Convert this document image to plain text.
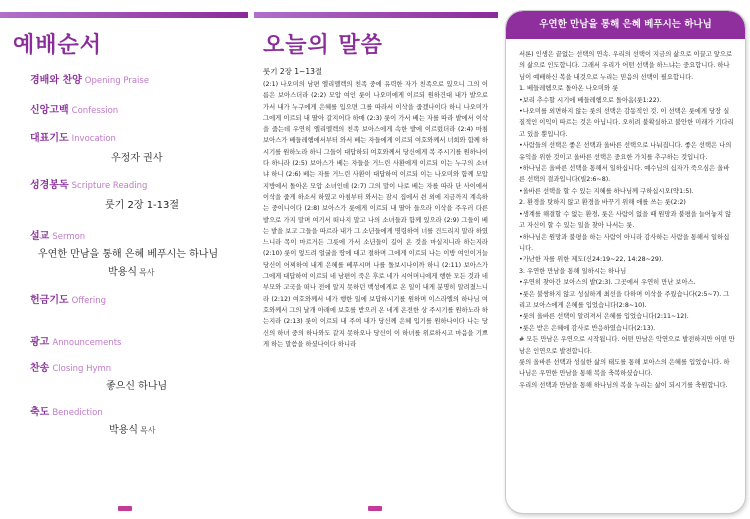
예배순서
경배와 찬양 Opening Praise
신앙고백 Confession
대표기도 Invocation
우정자 권사
성경봉독 Scripture Reading
룻기 2장 1-13절
설교 Sermon
우연한 만남을 통해 은혜 베푸시는 하나님
박용식 목사
헌금기도 Offering
광고 Announcements
찬송 Closing Hymn
좋으신 하나님
축도 Benediction
박용식 목사
오늘의 말씀
룻기 2장 1~13절
(2:1) 나오미의 남편 엘리멜렉의 친족 중에 유력한 자가 친족으로 있으니 그의 이름은 보아스더라 (2:2) 모압 여인 룻이 나오미에게 이르되 원하건대 내가 밭으로 가서 내가 누구에게 은혜를 입으면 그를 따라서 이삭을 줍겠나이다 하니 나오미가 그에게 이르되 내 딸아 갈지어다 하매 (2:3) 룻이 가서 베는 자를 따라 밭에서 이삭을 줍는데 우연히 엘리멜렉의 친족 보아스에게 속한 밭에 이르렀더라 (2:4) 마침 보아스가 베들레헴에서부터 와서 베는 자들에게 이르되 여호와께서 너희와 함께 하시기를 원하노라 하니 그들이 대답하되 여호와께서 당신에게 복 주시기를 원하나이다 하니라 (2:5) 보아스가 베는 자들을 거느린 사환에게 이르되 이는 누구의 소녀냐 하니 (2:6) 베는 자를 거느린 사환이 대답하여 이르되 이는 나오미와 함께 모압 지방에서 돌아온 모압 소녀인데 (2:7) 그의 말이 나로 베는 자를 따라 단 사이에서 이삭을 줍게 하소서 하였고 아침부터 와서는 잠시 집에서 쉰 외에 지금까지 계속하는 중이니이다 (2:8) 보아스가 룻에게 이르되 내 딸아 들으라 이삭을 주우러 다른 밭으로 가지 말며 여기서 떠나지 말고 나의 소녀들과 함께 있으라 (2:9) 그들이 베는 밭을 보고 그들을 따르라 내가 그 소년들에게 명령하여 너를 건드리지 말라 하였느니라 목이 마르거든 그릇에 가서 소년들이 길어 온 것을 마실지니라 하는지라 (2:10) 룻이 엎드려 얼굴을 땅에 대고 절하며 그에게 이르되 나는 이방 여인이거늘 당신이 어찌하여 내게 은혜를 베푸시며 나를 돌보시나이까 하니 (2:11) 보아스가 그에게 대답하여 이르되 네 남편이 죽은 후로 네가 시어머니에게 행한 모든 것과 네 부모와 고국을 떠나 전에 알지 못하던 백성에게로 온 일이 내게 분명히 알려졌느니라 (2:12) 여호와께서 네가 행한 일에 보답하시기를 원하며 이스라엘의 하나님 여호와께서 그의 날개 아래에 보호를 받으러 온 네게 온전한 상 주시기를 원하노라 하는지라 (2:13) 룻이 이르되 내 주여 내가 당신께 은혜 입기를 원하나이다 나는 당신의 하녀 중의 하나와도 같지 못하오나 당신이 이 하녀를 위로하시고 마음을 기쁘게 하는 말씀을 하셨나이다 하니라
우연한 만남을 통해 은혜 베푸시는 하나님

서론) 인생은 끝없는 선택의 연속. 우리의 선택이 지금의 삶으로 이끌고 앞으로의 삶으로 인도합니다. 그래서 우리가 어떤 선택을 하느냐는 중요합니다. 하나님이 예배하신 복을 내것으로 누리는 믿음의 선택이 필요합니다.

1. 베들레헴으로 돌아온 나오미와 룻

•보리 추수할 시기에 베들레헴으로 돌아옴(룻1:22).

•나오미를 외면하지 않는 룻의 선택은 감동적인 것. 이 선택은 룻에게 당장 실질적인 이익이 따르는 것은 아닙니다. 오히려 불확실하고 불안한 미래가 기다리고 있을 뿐입니다.

•사람들의 선택은 좋은 선택과 올바른 선택으로 나눠집니다. 좋은 선택은 나의 유익을 위한 것이고 올바른 선택은 중요한 가치를 추구하는 것입니다.

•하나님은 올바른 선택을 통해서 일하십니다. 예수님의 십자가 죽으심은 올바른 선택의 결과입니다(빌2:6~8).

•올바른 선택을 할 수 있는 지혜를 하나님께 구하십시오(약1:5).

2. 환경을 탓하지 않고 환경을 바꾸기 위해 애를 쓰는 룻(2:2)

•생계를 해결할 수 없는 환경, 룻은 사람이 없을 때 원망과 불평을 늘어놓지 않고 자신이 할 수 있는 일을 찾아 나서는 룻.

•하나님은 원망과 불평을 하는 사람이 아니라 감사하는 사람을 통해서 일하십니다.

•가난한 자를 위한 제도(신24:19~22, 14:28~29).

3. 우연한 만남을 통해 일하시는 하나님

•우연히 찾아간 보아스의 밭(2:3). 그곳에서 우연히 만난 보아스.

•룻은 불쌍하지 않고 성실하게 최선을 다하며 이삭을 주웠습니다(2:5~7). 그리고 보아스에게 은혜를 입었습니다(2:8~10).

•룻의 올바른 선택이 알려져서 은혜를 입었습니다(2:11~12).

•룻은 받은 은혜에 감사로 반응하였습니다(2:13).

# 모든 만남은 우연으로 시작됩니다. 어떤 만남은 악연으로 발전하지만 어떤 만남은 인연으로 발전합니다.

룻의 올바른 선택과 성실한 삶의 태도를 통해 보아스의 은혜를 입었습니다. 하나님은 우연한 만남을 통해 복을 축복하셨습니다.

우리의 선택과 만남을 통해 하나님의 복을 누리는 삶이 되시기를 축원합니다.
